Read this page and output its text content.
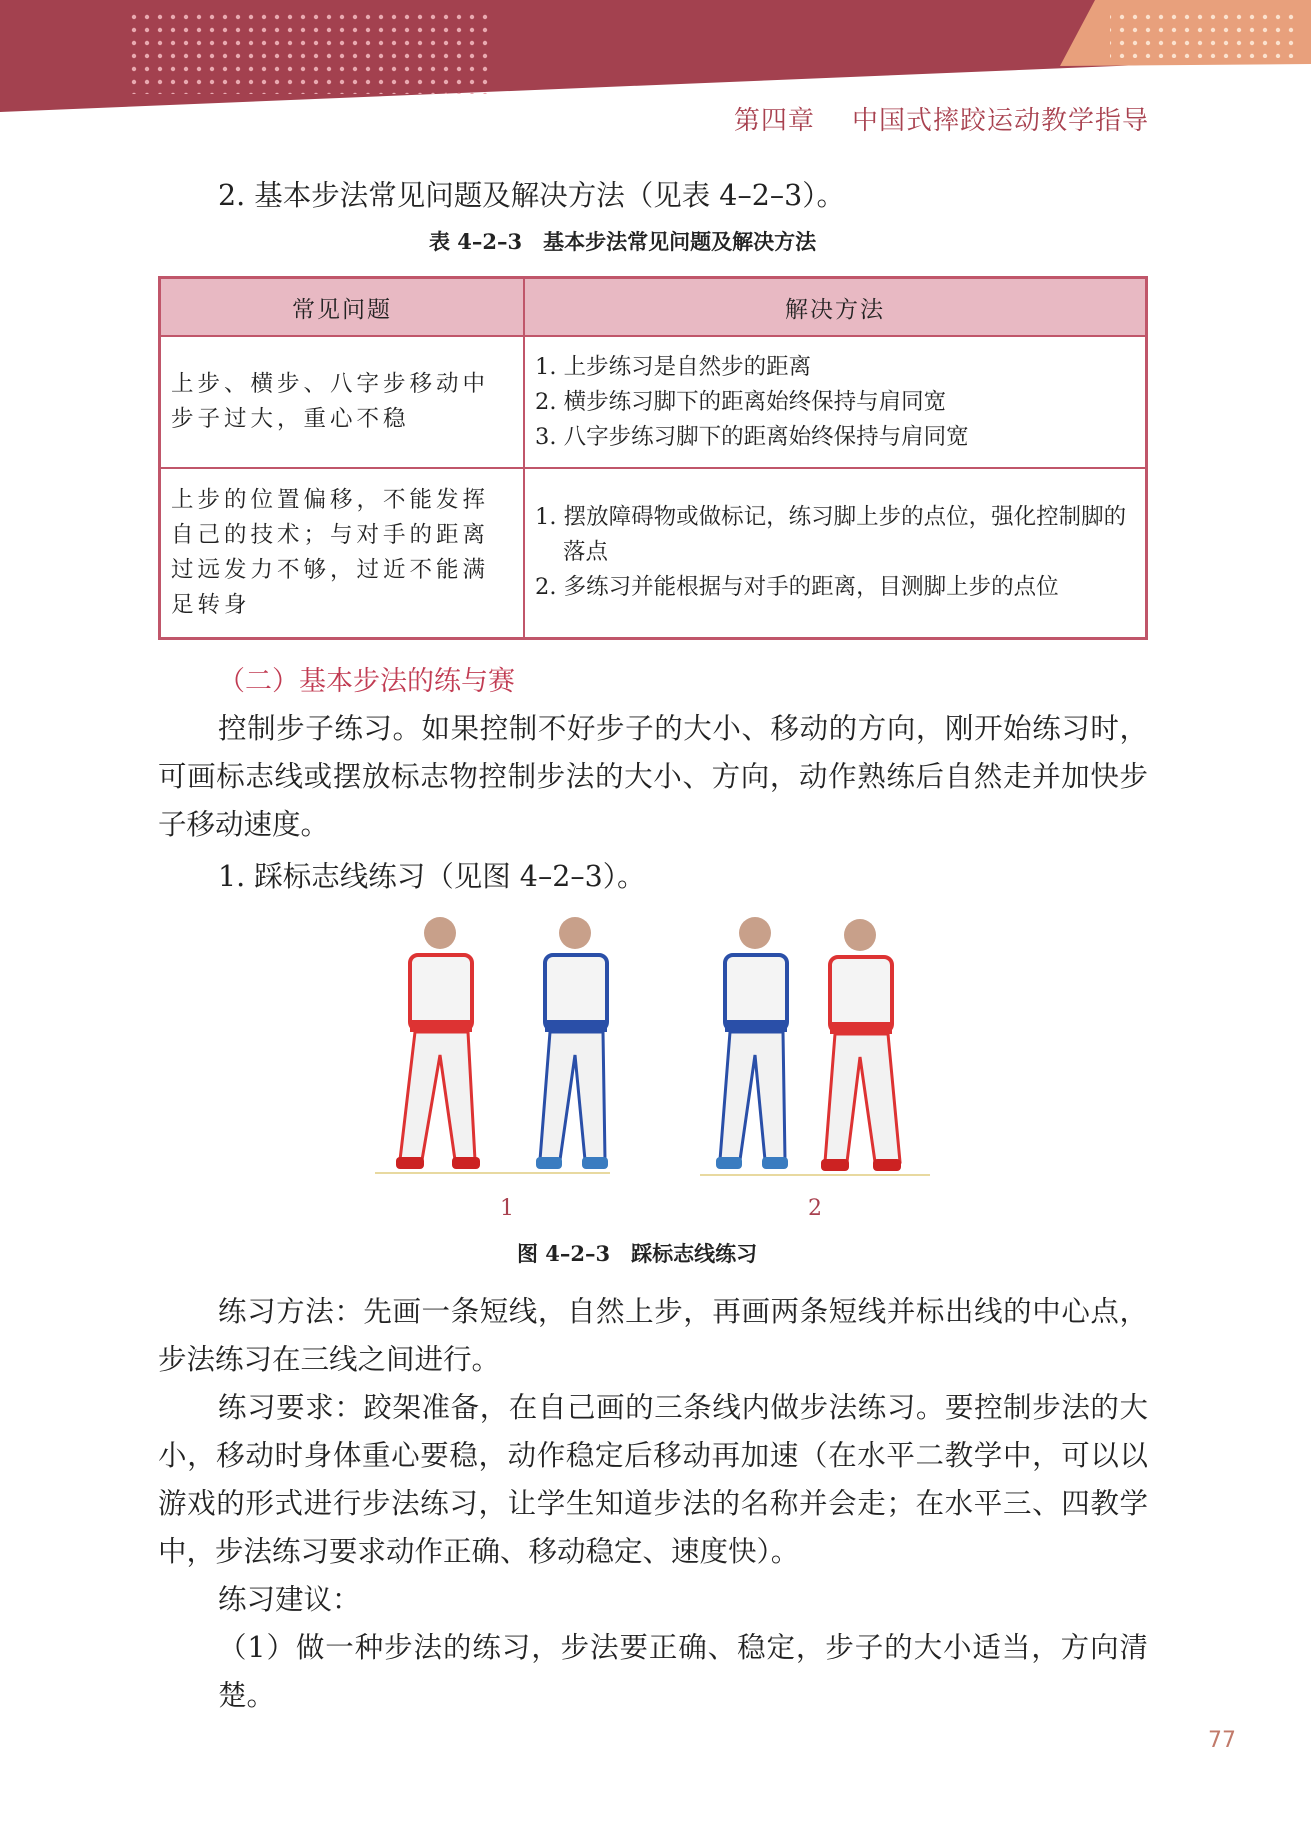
第四章 中国式摔跤运动教学指导

2. 基本步法常见问题及解决方法（见表 4–2–3）。

表 4–2–3　基本步法常见问题及解决方法
常见问题	解决方法
上步、横步、八字步移动中步子过大，重心不稳	1. 上步练习是自然步的距离
2. 横步练习脚下的距离始终保持与肩同宽
3. 八字步练习脚下的距离始终保持与肩同宽

上步的位置偏移，不能发挥自己的技术；与对手的距离过远发力不够，过近不能满足转身	1. 摆放障碍物或做标记，练习脚上步的点位，强化控制脚的落点
2. 多练习并能根据与对手的距离，目测脚上步的点位
（二）基本步法的练与赛

控制步子练习。如果控制不好步子的大小、移动的方向，刚开始练习时，可画标志线或摆放标志物控制步法的大小、方向，动作熟练后自然走并加快步子移动速度。

1. 踩标志线练习（见图 4–2–3）。

1	2
图 4–2–3　踩标志线练习

练习方法：先画一条短线，自然上步，再画两条短线并标出线的中心点，步法练习在三线之间进行。

练习要求：跤架准备，在自己画的三条线内做步法练习。要控制步法的大小，移动时身体重心要稳，动作稳定后移动再加速（在水平二教学中，可以以游戏的形式进行步法练习，让学生知道步法的名称并会走；在水平三、四教学中，步法练习要求动作正确、移动稳定、速度快）。

练习建议：

（1）做一种步法的练习，步法要正确、稳定，步子的大小适当，方向清楚。

77
